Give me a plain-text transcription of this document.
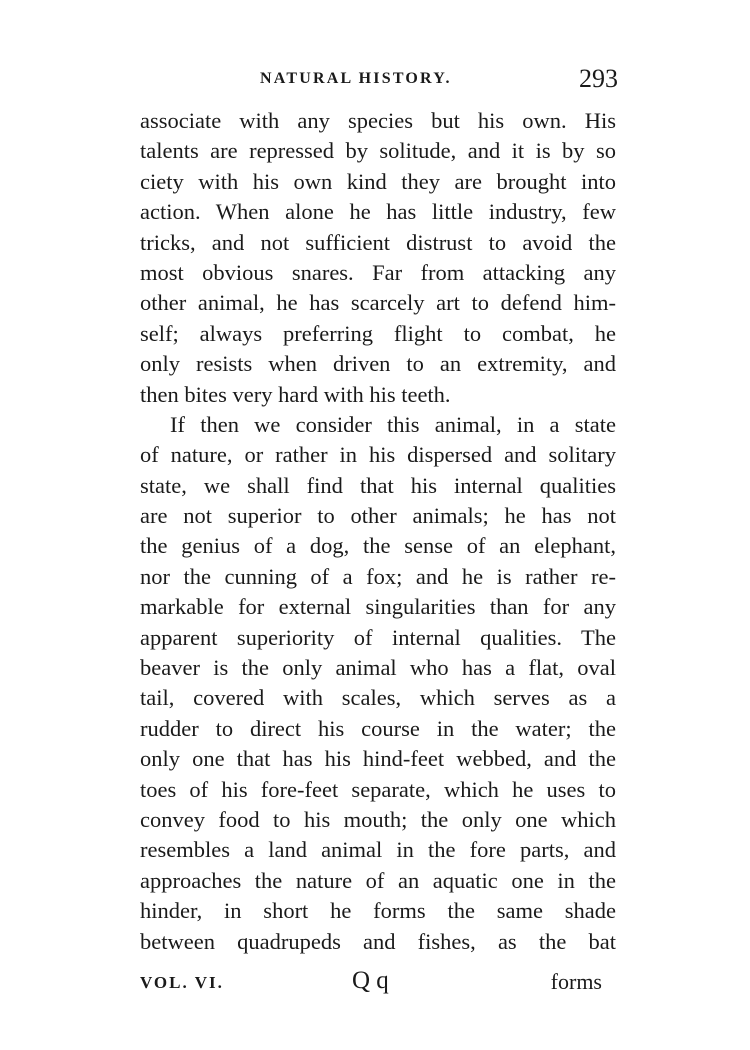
NATURAL HISTORY.	293
associate with any species but his own. His
talents are repressed by solitude, and it is by so
ciety with his own kind they are brought into
action. When alone he has little industry, few
tricks, and not sufficient distrust to avoid the
most obvious snares. Far from attacking any
other animal, he has scarcely art to defend him-
self; always preferring flight to combat, he
only resists when driven to an extremity, and
then bites very hard with his teeth.
If then we consider this animal, in a state
of nature, or rather in his dispersed and solitary
state, we shall find that his internal qualities
are not superior to other animals; he has not
the genius of a dog, the sense of an elephant,
nor the cunning of a fox; and he is rather re-
markable for external singularities than for any
apparent superiority of internal qualities. The
beaver is the only animal who has a flat, oval
tail, covered with scales, which serves as a
rudder to direct his course in the water; the
only one that has his hind-feet webbed, and the
toes of his fore-feet separate, which he uses to
convey food to his mouth; the only one which
resembles a land animal in the fore parts, and
approaches the nature of an aquatic one in the
hinder, in short he forms the same shade
between quadrupeds and fishes, as the bat
VOL. VI.	Q q	forms
